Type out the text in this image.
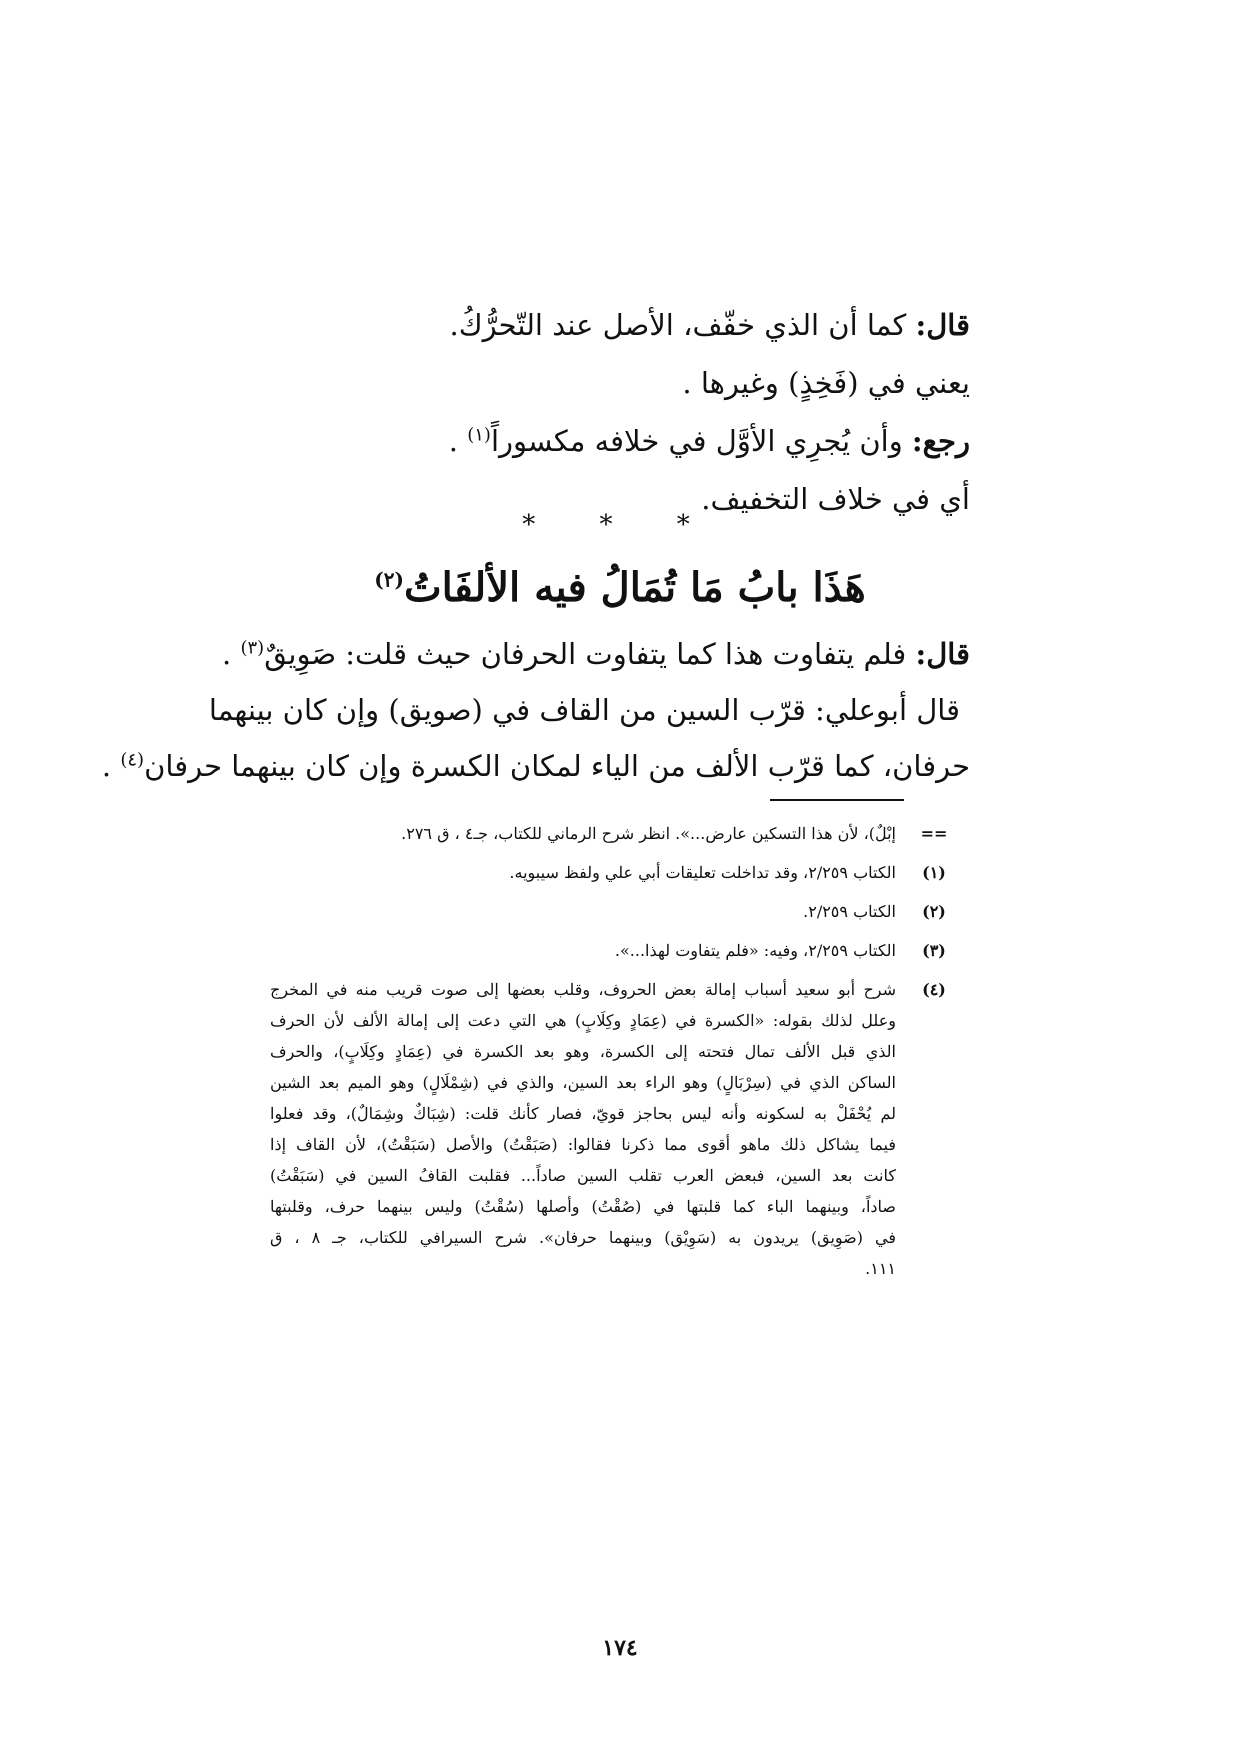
قال: كما أن الذي خفّف، الأصل عند التّحرُّكُ.
يعني في (فَخِذٍ) وغيرها .
رجع: وأن يُجرِي الأوَّل في خلافه مكسوراً$^{(١)}$ .
أي في خلاف التخفيف.
* * *
هَذَا بابُ مَا تُمَالُ فيه الألفَاتُ$^{(٢)}$
قال: فلم يتفاوت هذا كما يتفاوت الحرفان حيث قلت: صَوِيقٌ$^{(٣)}$ .
قال أبوعلي: قرّب السين من القاف في (صويق) وإن كان بينهما
حرفان، كما قرّب الألف من الياء لمكان الكسرة وإن كان بينهما حرفان$^{(٤)}$ .
==
إبْلٌ)، لأن هذا التسكين عارض...». انظر شرح الرماني للكتاب، جـ٤ ، ق ٢٧٦.
(١)
الكتاب ٢/٢٥٩، وقد تداخلت تعليقات أبي علي ولفظ سيبويه.
(٢)
الكتاب ٢/٢٥٩.
(٣)
الكتاب ٢/٢٥٩، وفيه: «فلم يتفاوت لهذا...».
(٤)
شرح أبو سعيد أسباب إمالة بعض الحروف، وقلب بعضها إلى صوت قريب منه في المخرج
وعلل لذلك بقوله: «الكسرة في (عِمَادٍ وكِلَابٍ) هي التي دعت إلى إمالة الألف لأن الحرف
الذي قبل الألف تمال فتحته إلى الكسرة، وهو بعد الكسرة في (عِمَادٍ وكِلَابٍ)، والحرف
الساكن الذي في (سِرْبَالٍ) وهو الراء بعد السين، والذي في (شِمْلَالٍ) وهو الميم بعد الشين
لم يُحْفَلْ به لسكونه وأنه ليس بحاجز قويّ، فصار كأنك قلت: (شِبَاكٌ وشِمَالٌ)، وقد فعلوا
فيما يشاكل ذلك ماهو أقوى مما ذكرنا فقالوا: (صَبَقْتُ) والأصل (سَبَقْتُ)، لأن القاف إذا
كانت بعد السين، فبعض العرب تقلب السين صاداً... فقلبت القافُ السين في (سَبَقْتُ)
صاداً، وبينهما الباء كما قلبتها في (صُقْتُ) وأصلها (سُقْتُ) وليس بينهما حرف، وقلبتها
في (صَوِيق) يريدون به (سَوِيْق) وبينهما حرفان». شرح السيرافي للكتاب، جـ ٨ ، ق
١١١.
١٧٤
